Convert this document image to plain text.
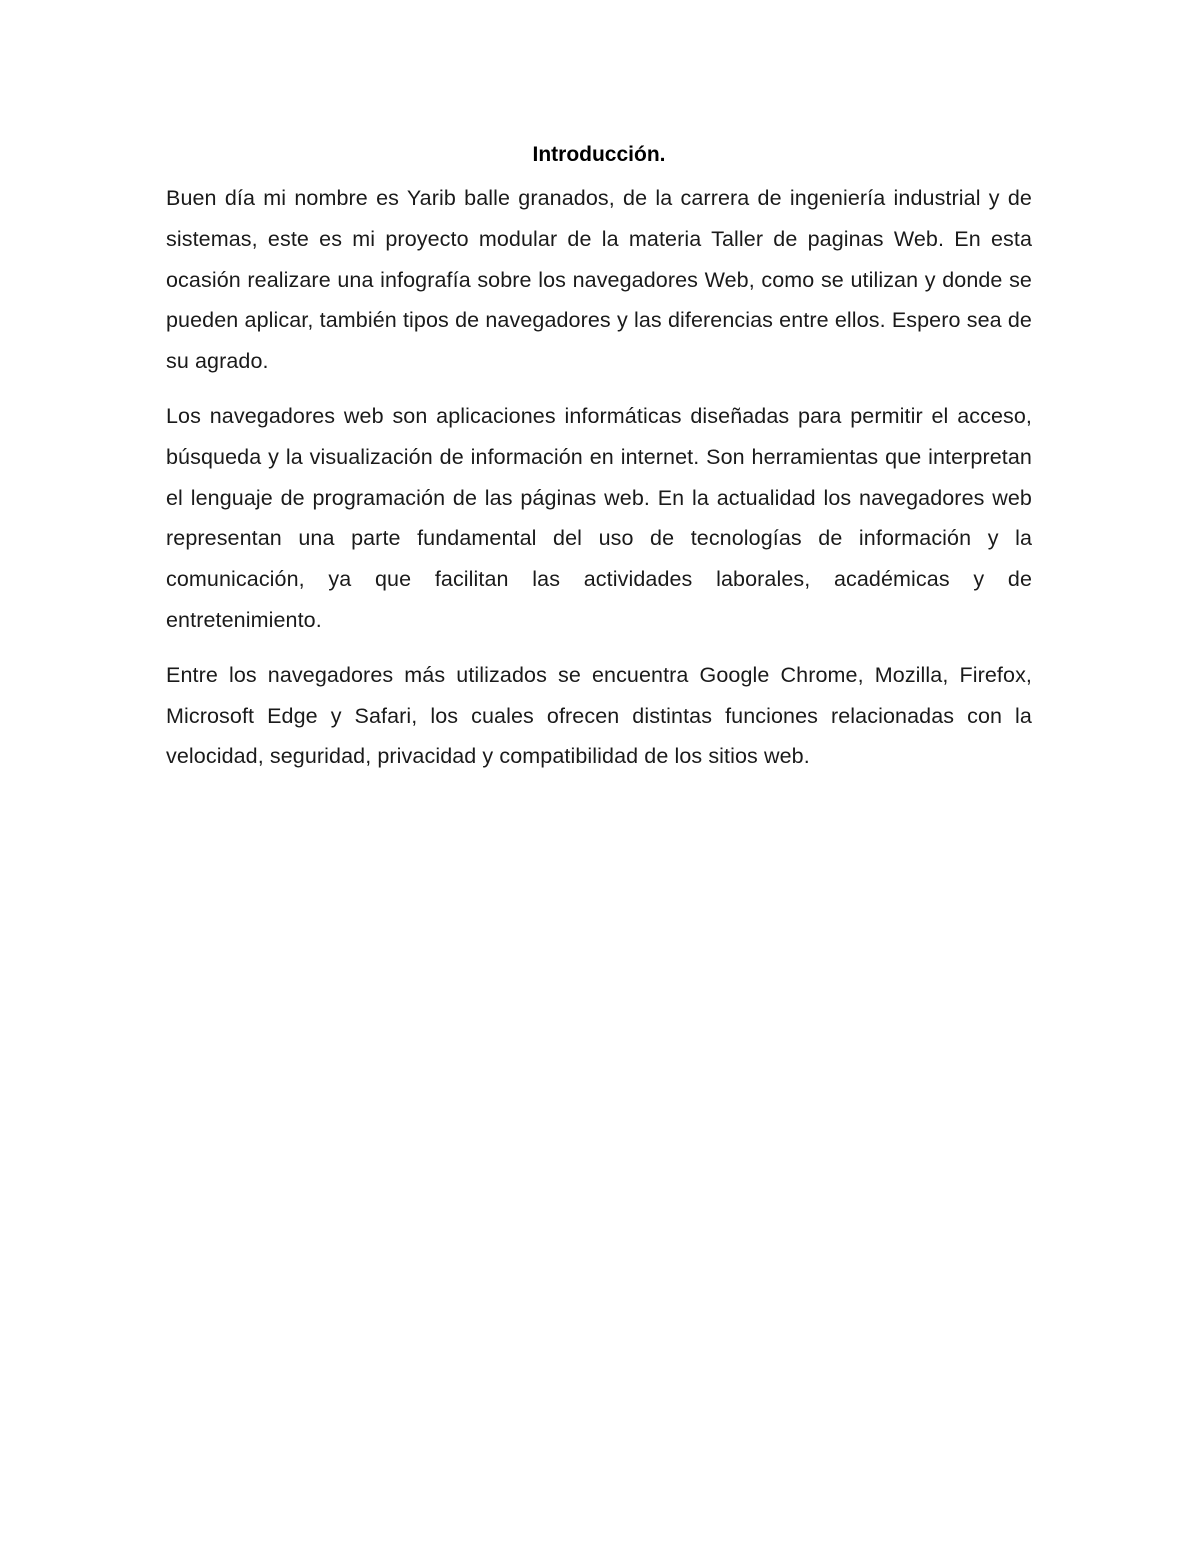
Introducción.

Buen día mi nombre es Yarib balle granados, de la carrera de ingeniería industrial y de sistemas, este es mi proyecto modular de la materia Taller de paginas Web. En esta ocasión realizare una infografía sobre los navegadores Web, como se utilizan y donde se pueden aplicar, también tipos de navegadores y las diferencias entre ellos. Espero sea de su agrado.

Los navegadores web son aplicaciones informáticas diseñadas para permitir el acceso, búsqueda y la visualización de información en internet. Son herramientas que interpretan el lenguaje de programación de las páginas web. En la actualidad los navegadores web representan una parte fundamental del uso de tecnologías de información y la comunicación, ya que facilitan las actividades laborales, académicas y de entretenimiento.

Entre los navegadores más utilizados se encuentra Google Chrome, Mozilla, Firefox, Microsoft Edge y Safari, los cuales ofrecen distintas funciones relacionadas con la velocidad, seguridad, privacidad y compatibilidad de los sitios web.
